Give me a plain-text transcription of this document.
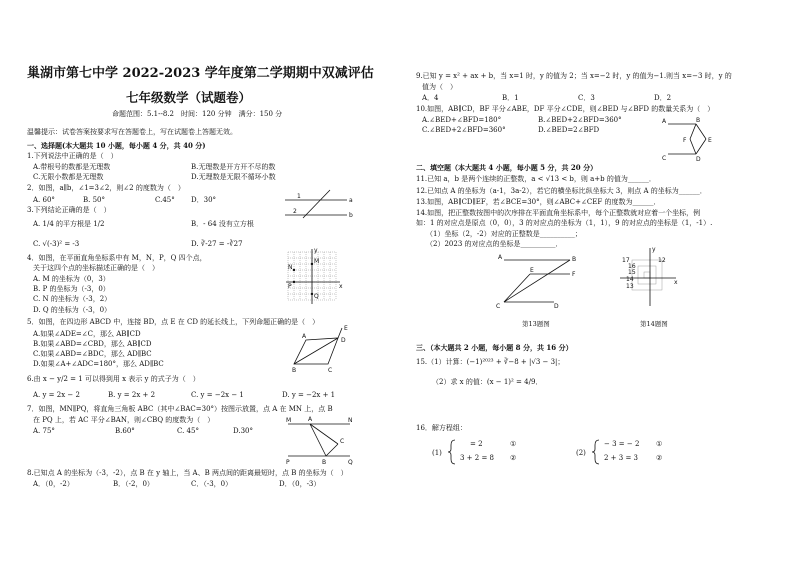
巢湖市第七中学 2022-2023 学年度第二学期期中双减评估
七年级数学（试题卷）
命题范围：5.1--8.2　时间：120 分钟　满分：150 分
温馨提示：试卷答案按要求写在答题卷上，写在试题卷上答题无效。
一、选择题(本大题共 10 小题，每小题 4 分，共 40 分)
1.下列说法中正确的是（　）
A.带根号的数都是无理数	B.无理数是开方开不尽的数
C.无限小数都是无理数	D.无理数是无限不循环小数
2．如图，a∥b，∠1=3∠2，则∠2 的度数为（　）
A. 60°	B. 50°	C.45° D．30°	1
2
a
b
3.下列结论正确的是（　）
A. 1/4 的平方根是 1/2	B．- 64 没有立方根
C. √(-3)² = -3	D. ∛-27 = -∛27
4．如图，在平面直角坐标系中有 M，N，P，Q 四个点，
关于这四个点的坐标描述正确的是（　）
A. M 的坐标为（0，3）
B. P 的坐标为（-3，0）
C. N 的坐标为（-3，2）
D. Q 的坐标为（-3，0）
M
N
P
Q
x
y
5．如图，在四边形 ABCD 中，连接 BD，点 E 在 CD 的延长线上，下列命题正确的是（　）
A.如果∠ADE=∠C，那么 AB∥CD
B.如果∠ABD=∠CBD，那么 AB∥CD
C.如果∠ABD=∠BDC，那么 AD∥BC
D.如果∠A+∠ADC=180°，那么 AD∥BC
A
B	C
D
E
6.由 x − y/2 = 1 可以得到用 x 表示 y 的式子为（　）
A. y = 2x − 2	B. y = 2x + 2	C. y = −2x − 1	D. y = −2x + 1
7．如图，MN∥PQ，将直角三角板 ABC（其中∠BAC=30°）按图示放置，点 A 在 MN 上，点 B
在 PQ 上，若 AC 平分∠BAN，则∠CBQ 的度数为（　）
A. 75°	B.60°	C. 45°	D.30°
M	N
P	Q
A
B
C
8.已知点 A 的坐标为（-3，-2），点 B 在 y 轴上，当 A、B 两点间的距离最短时，点 B 的坐标为（　）
A．（0，-2）	B．（-2，0）	C．（-3，0）	D．（0，-3）
9.已知 y = x² + ax + b，当 x=1 时，y 的值为 2；当 x=−2 时，y 的值为−1.则当 x=−3 时，y 的
值为（　）
A．4	B．1	C．3	D．2
10.如图，AB∥CD，BF 平分∠ABE，DF 平分∠CDE，则∠BED 与∠BFD 的数量关系为（　）
A.∠BED+∠BFD=180°	B.∠BED+2∠BFD=360°
C.∠BED+2∠BFD=360°	D.∠BED=2∠BFD
A	B
C	D
E
F
二、填空题（本大题共 4 小题，每小题 5 分，共 20 分）
11.已知 a，b 是两个连续的正整数，a < √13 < b，则 a+b 的值为______．
12.已知点 A 的坐标为（a-1，3a-2），若它的横坐标比纵坐标大 3，则点 A 的坐标为______．
13.如图，AB∥CD∥EF，若∠BCE=30°，则∠ABC+∠CEF 的度数为______．
14.如图，把正整数按图中的次序排在平面直角坐标系中，每个正整数就对应着一个坐标，例
如：1 的对应点是原点（0，0），3 的对应点的坐标为（1，1），9 的对应点的坐标是（1，-1）.
（1）坐标（2，-2）对应的正整数是__________；
（2）2023 的对应点的坐标是__________．
A	B
C	D
E
F
第13题图
17
16
15
14
13
12
x
y
第14题图
三、（本大题共 2 小题，每小题 8 分，共 16 分）
15.（1）计算：(−1)²⁰²³ + ∛−8 + |√3 − 3|；
（2）求 x 的值：(x − 1)² = 4/9．
16．解方程组：
(1)
= 2
3 + 2 = 8
①
②
(2)
− 3 = − 2
2 + 3 = 3
①
②
